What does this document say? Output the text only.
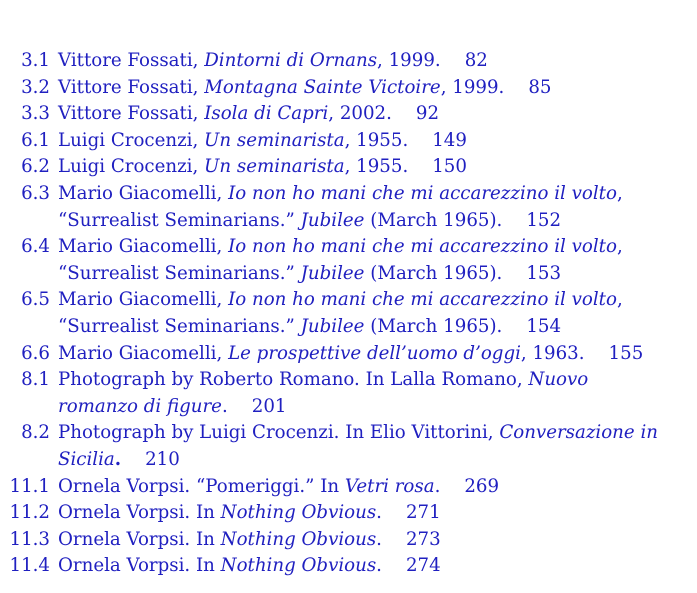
3.1 Vittore Fossati, Dintorni di Ornans, 1999. 82
3.2 Vittore Fossati, Montagna Sainte Victoire, 1999. 85
3.3 Vittore Fossati, Isola di Capri, 2002. 92
6.1 Luigi Crocenzi, Un seminarista, 1955. 149
6.2 Luigi Crocenzi, Un seminarista, 1955. 150
6.3 Mario Giacomelli, Io non ho mani che mi accarezzino il volto,
“Surrealist Seminarians.” Jubilee (March 1965). 152
6.4 Mario Giacomelli, Io non ho mani che mi accarezzino il volto,
“Surrealist Seminarians.” Jubilee (March 1965). 153
6.5 Mario Giacomelli, Io non ho mani che mi accarezzino il volto,
“Surrealist Seminarians.” Jubilee (March 1965). 154
6.6 Mario Giacomelli, Le prospettive dell’uomo d’oggi, 1963. 155
8.1 Photograph by Roberto Romano. In Lalla Romano, Nuovo
romanzo di figure. 201
8.2 Photograph by Luigi Crocenzi. In Elio Vittorini, Conversazione in
Sicilia. 210
11.1 Ornela Vorpsi. “Pomeriggi.” In Vetri rosa. 269
11.2 Ornela Vorpsi. In Nothing Obvious. 271
11.3 Ornela Vorpsi. In Nothing Obvious. 273
11.4 Ornela Vorpsi. In Nothing Obvious. 274
